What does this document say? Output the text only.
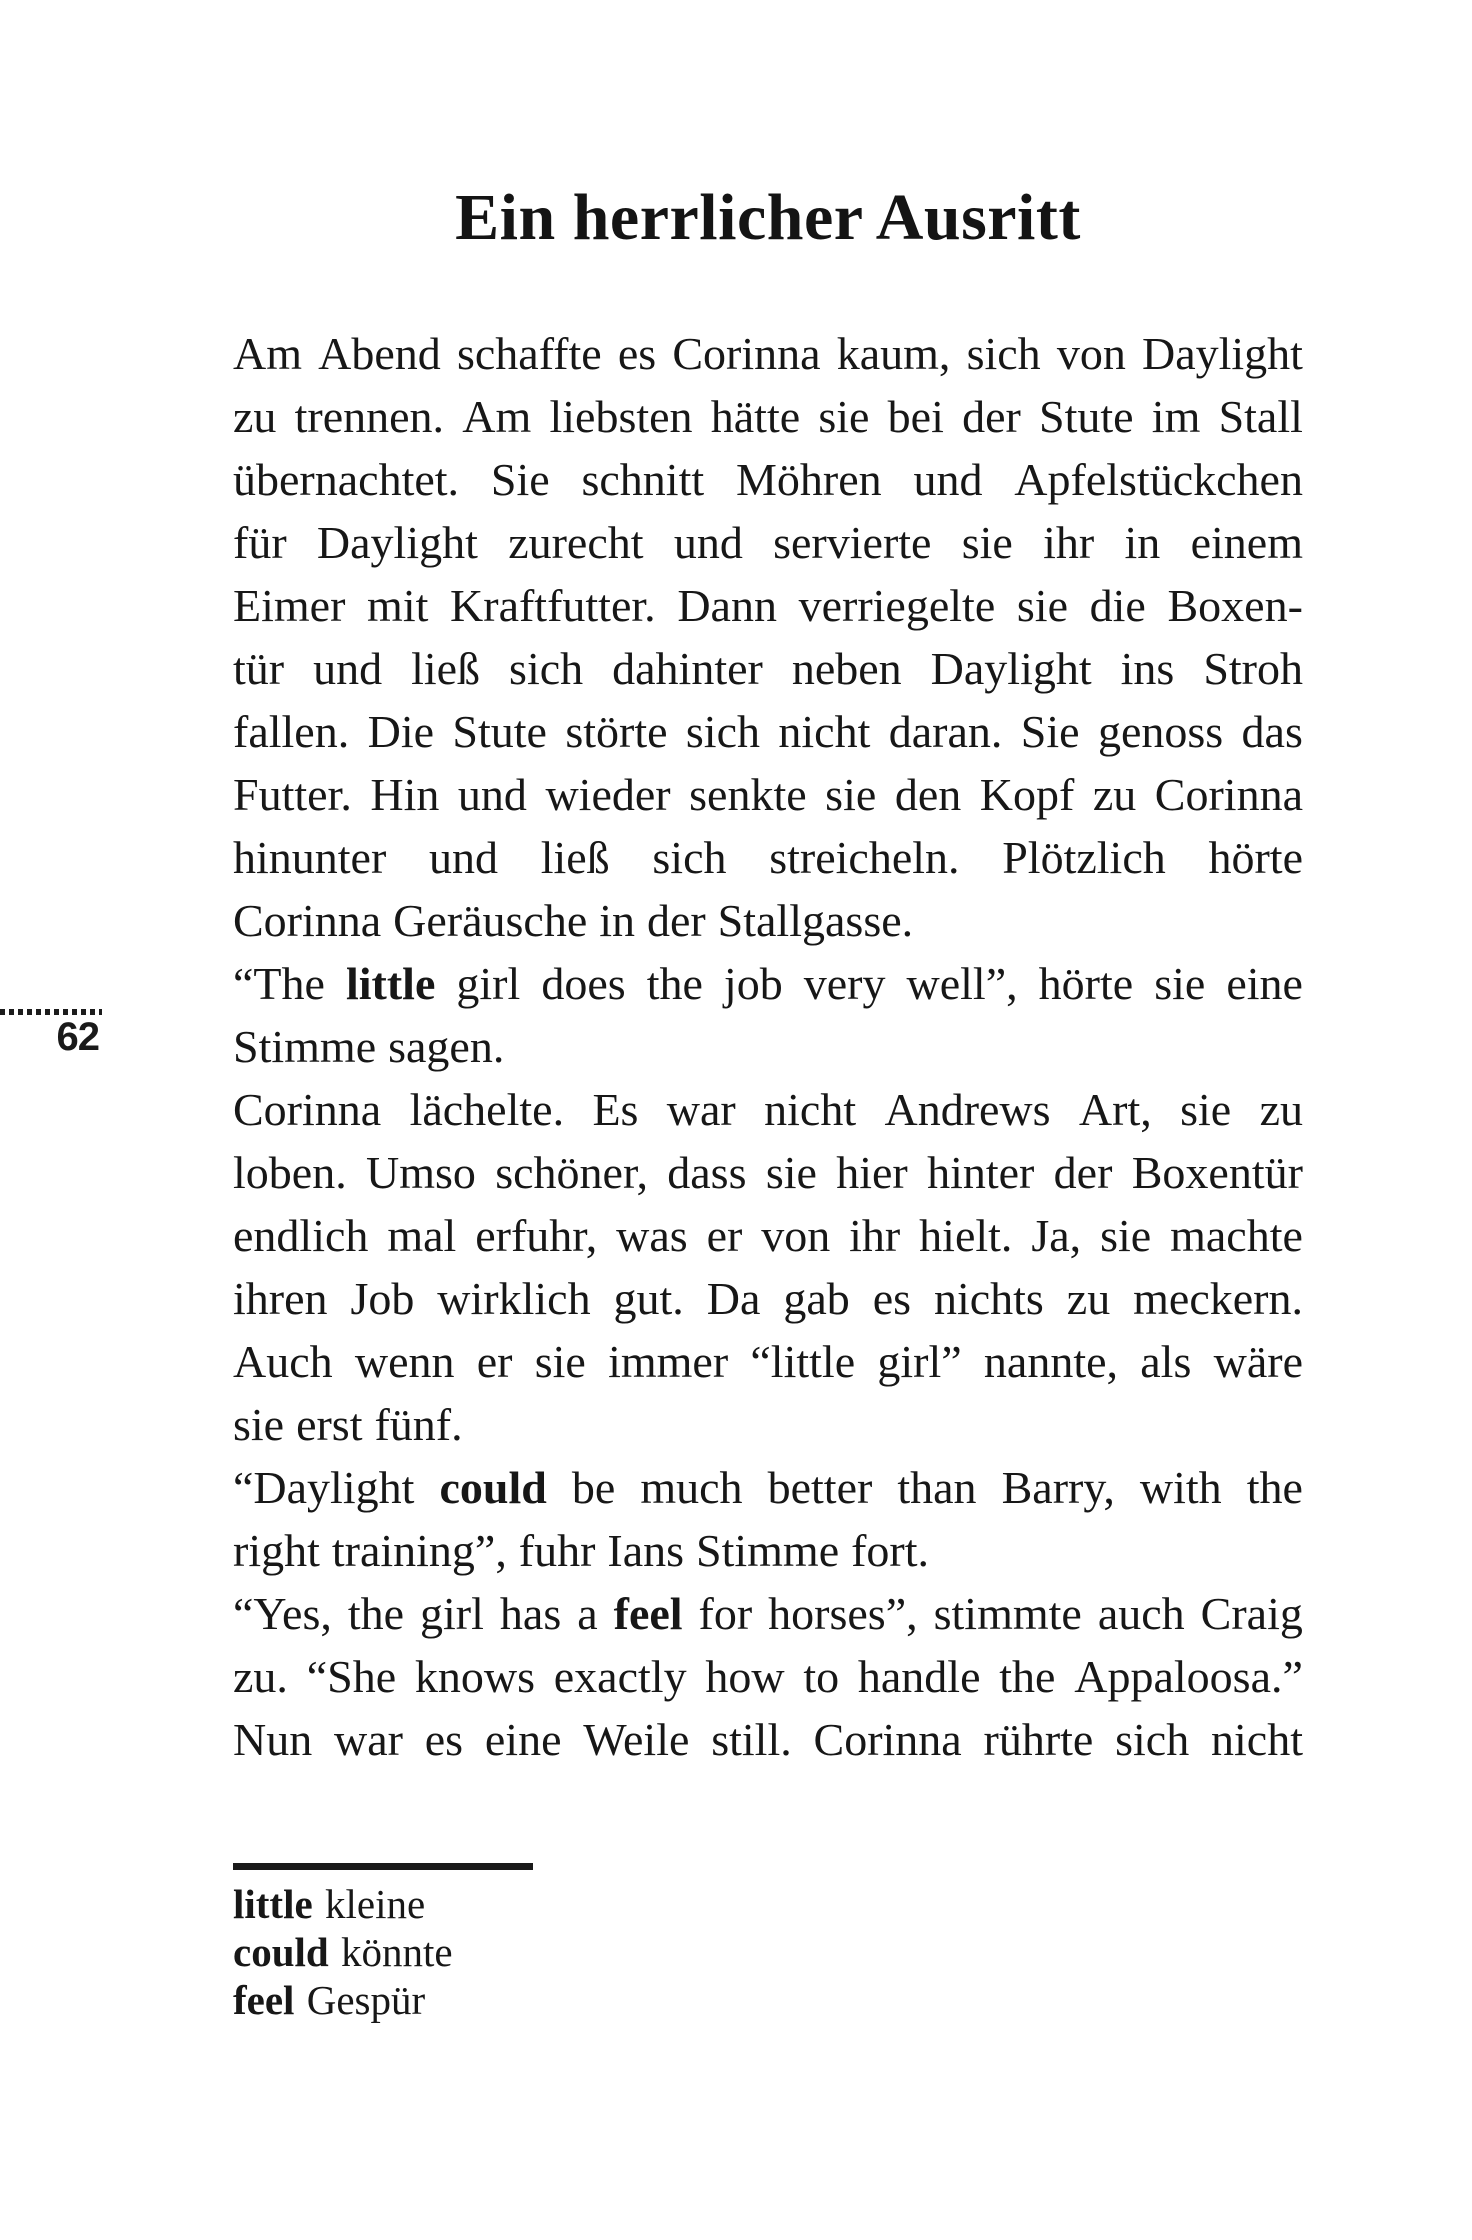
Ein herrlicher Ausritt
62
Am Abend schaffte es Corinna kaum, sich von Daylight
zu trennen. Am liebsten hätte sie bei der Stute im Stall
übernachtet. Sie schnitt Möhren und Apfelstückchen
für Daylight zurecht und servierte sie ihr in einem
Eimer mit Kraftfutter. Dann verriegelte sie die Boxen-
tür und ließ sich dahinter neben Daylight ins Stroh
fallen. Die Stute störte sich nicht daran. Sie genoss das
Futter. Hin und wieder senkte sie den Kopf zu Corinna
hinunter und ließ sich streicheln. Plötzlich hörte
Corinna Geräusche in der Stallgasse.
“The little girl does the job very well”, hörte sie eine
Stimme sagen.
Corinna lächelte. Es war nicht Andrews Art, sie zu
loben. Umso schöner, dass sie hier hinter der Boxentür
endlich mal erfuhr, was er von ihr hielt. Ja, sie machte
ihren Job wirklich gut. Da gab es nichts zu meckern.
Auch wenn er sie immer “little girl” nannte, als wäre
sie erst fünf.
“Daylight could be much better than Barry, with the
right training”, fuhr Ians Stimme fort.
“Yes, the girl has a feel for horses”, stimmte auch Craig
zu. “She knows exactly how to handle the Appaloosa.”
Nun war es eine Weile still. Corinna rührte sich nicht
little kleine
could könnte
feel Gespür
